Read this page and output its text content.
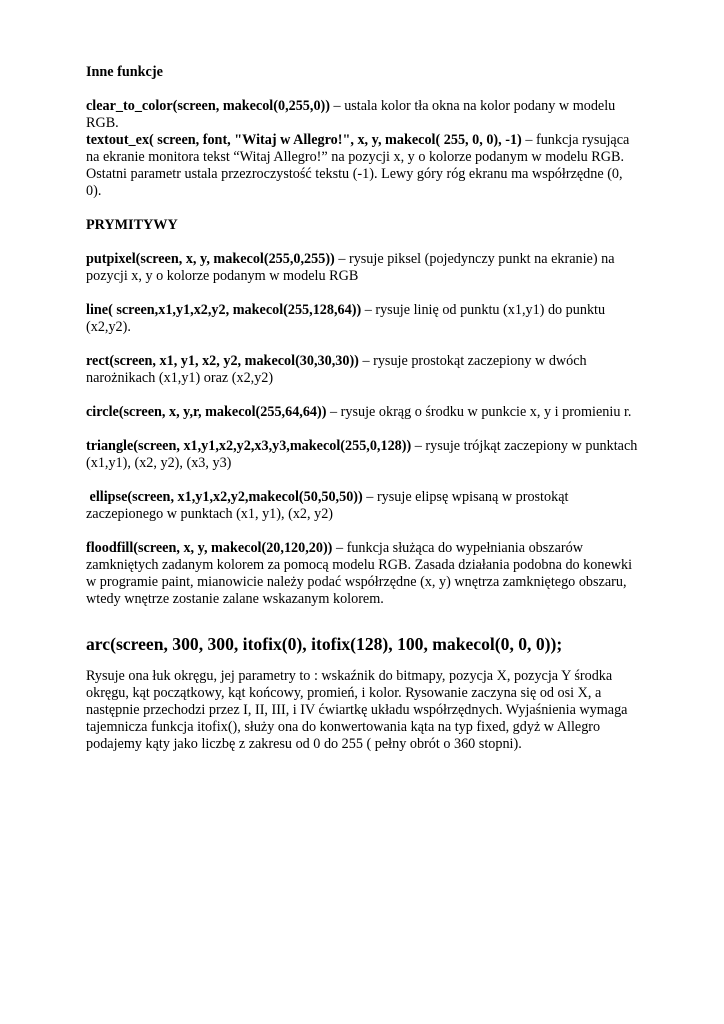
Inne funkcje

clear_to_color(screen, makecol(0,255,0)) – ustala kolor tła okna na kolor podany w modelu RGB.

textout_ex( screen, font, "Witaj w Allegro!", x, y, makecol( 255, 0, 0), -1) – funkcja rysująca na ekranie monitora tekst “Witaj Allegro!” na pozycji x, y o kolorze podanym w modelu RGB. Ostatni parametr ustala przezroczystość tekstu (-1). Lewy góry róg ekranu ma współrzędne (0, 0).

PRYMITYWY

putpixel(screen, x, y, makecol(255,0,255)) – rysuje piksel (pojedynczy punkt na ekranie) na pozycji x, y o kolorze podanym w modelu RGB

line( screen,x1,y1,x2,y2, makecol(255,128,64)) – rysuje linię od punktu (x1,y1) do punktu (x2,y2).

rect(screen, x1, y1, x2, y2, makecol(30,30,30)) – rysuje prostokąt zaczepiony w dwóch narożnikach (x1,y1) oraz (x2,y2)

circle(screen, x, y,r, makecol(255,64,64)) – rysuje okrąg o środku w punkcie x, y i promieniu r.

triangle(screen, x1,y1,x2,y2,x3,y3,makecol(255,0,128)) – rysuje trójkąt zaczepiony w punktach (x1,y1), (x2, y2), (x3, y3)

ellipse(screen, x1,y1,x2,y2,makecol(50,50,50)) – rysuje elipsę wpisaną w prostokąt zaczepionego w punktach (x1, y1), (x2, y2)

floodfill(screen, x, y, makecol(20,120,20)) – funkcja służąca do wypełniania obszarów zamkniętych zadanym kolorem za pomocą modelu RGB. Zasada działania podobna do konewki w programie paint, mianowicie należy podać współrzędne (x, y) wnętrza zamkniętego obszaru, wtedy wnętrze zostanie zalane wskazanym kolorem.

arc(screen, 300, 300, itofix(0), itofix(128), 100, makecol(0, 0, 0));

Rysuje ona łuk okręgu, jej parametry to : wskaźnik do bitmapy, pozycja X, pozycja Y środka okręgu, kąt początkowy, kąt końcowy, promień, i kolor. Rysowanie zaczyna się od osi X, a następnie przechodzi przez I, II, III, i IV ćwiartkę układu współrzędnych. Wyjaśnienia wymaga tajemnicza funkcja itofix(), służy ona do konwertowania kąta na typ fixed, gdyż w Allegro podajemy kąty jako liczbę z zakresu od 0 do 255 ( pełny obrót o 360 stopni).
